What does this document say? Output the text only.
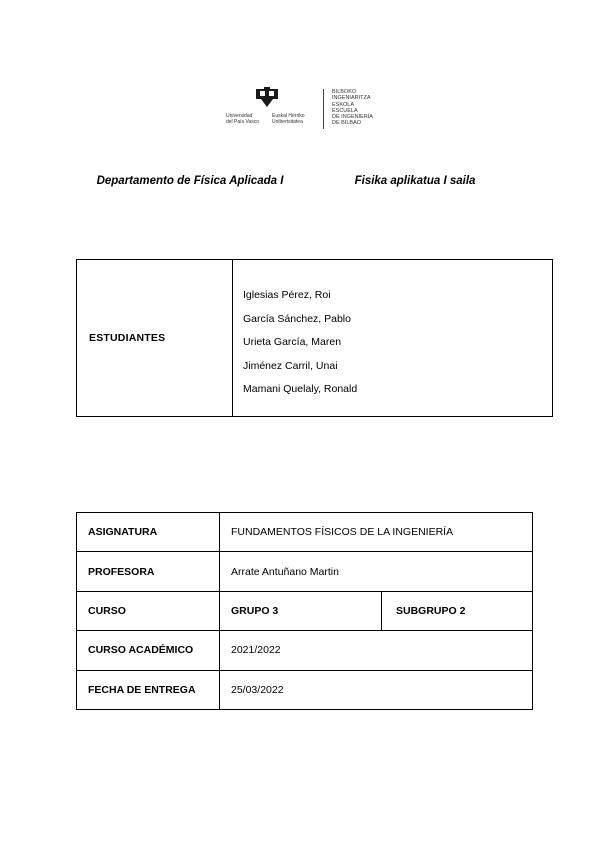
Universidad
del País Vasco
Euskal Herriko
Unibertsitatea
BILBOKO
INGENIARITZA
ESKOLA
ESCUELA
DE INGENIERÍA
DE BILBAO
Departamento de Física Aplicada I	Fisika aplikatua I saila
ESTUDIANTES
Iglesias Pérez, Roi
García Sánchez, Pablo
Urieta García, Maren
Jiménez Carril, Unai
Mamani Quelaly, Ronald
ASIGNATURA	FUNDAMENTOS FÍSICOS DE LA INGENIERÍA
PROFESORA	Arrate Antuñano Martin
CURSO	GRUPO 3	SUBGRUPO 2
CURSO ACADÉMICO	2021/2022
FECHA DE ENTREGA	25/03/2022
